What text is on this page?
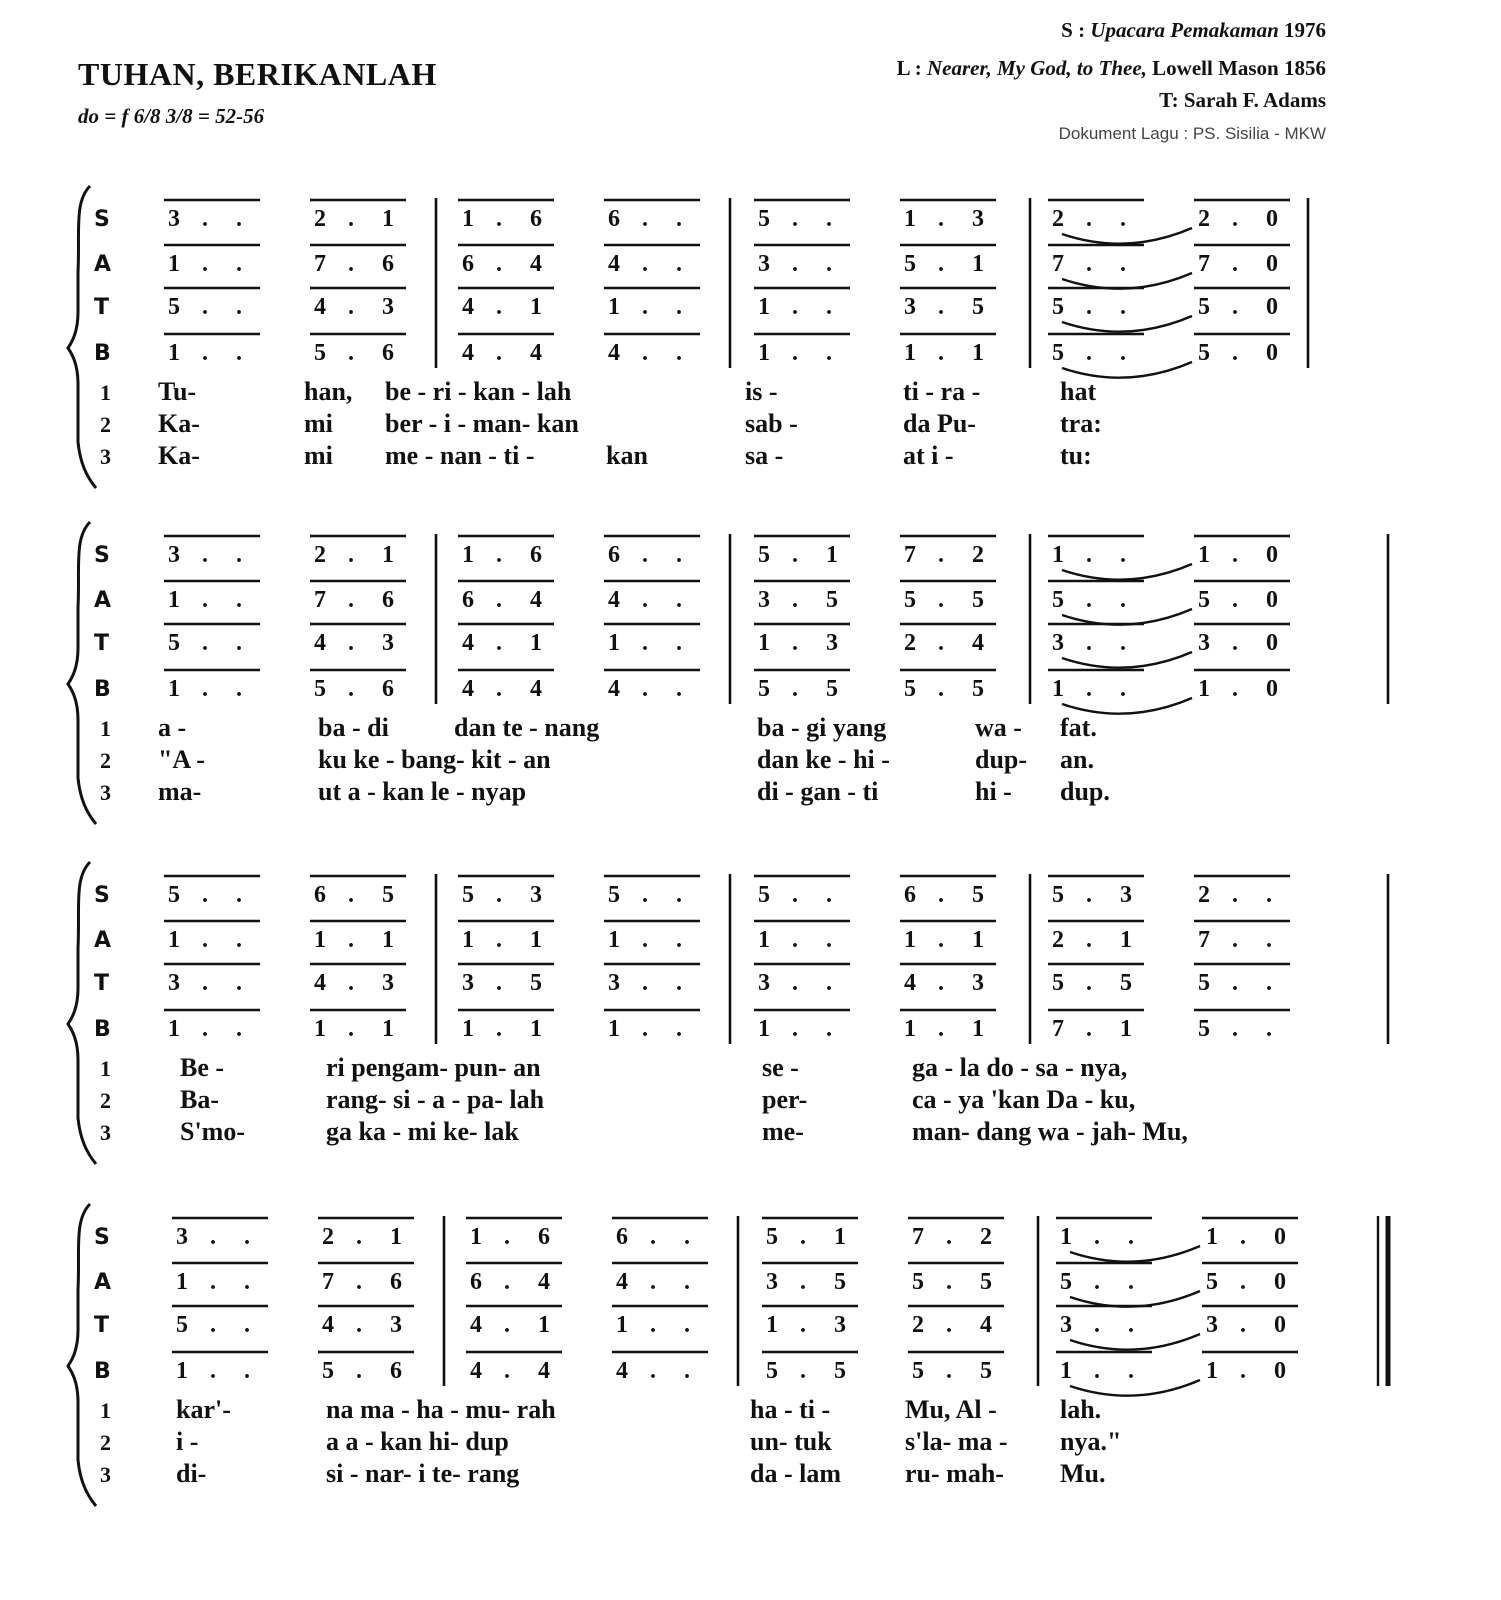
TUHAN, BERIKANLAH
do = f 6/8 3/8 = 52-56
S : Upacara Pemakaman 1976
L : Nearer, My God, to Thee, Lowell Mason 1856
T: Sarah F. Adams
Dokument Lagu : PS. Sisilia - MKW
S 3 . .	2 . 1	1 . 6	6 . .	5 . .	1 . 3	2 . .	2 . 0
A 1 . .	7 . 6	6 . 4	4 . .	3 . .	5 . 1	7 . .	7 . 0
T 5 . .	4 . 3	4 . 1	1 . .	1 . .	3 . 5	5 . .	5 . 0
B 1 . .	5 . 6	4 . 4	4 . .	1 . .	1 . 1	5 . .	5 . 0
1 Tu-	han, be - ri - kan - lah	is -	ti - ra -	hat
2 Ka-	mi ber - i - man- kan	sab -	da Pu-	tra:
3 Ka-	mi me - nan - ti -	kan	sa -	at i -	tu:
S 3 . .	2 . 1	1 . 6	6 . .	5 . 1	7 . 2	1 . .	1 . 0
A 1 . .	7 . 6	6 . 4	4 . .	3 . 5	5 . 5	5 . .	5 . 0
T 5 . .	4 . 3	4 . 1	1 . .	1 . 3	2 . 4	3 . .	3 . 0
B 1 . .	5 . 6	4 . 4	4 . .	5 . 5	5 . 5	1 . .	1 . 0
1 a -	ba - di	dan te - nang	ba - gi yang	wa - fat.
2 "A -	ku ke - bang- kit - an	dan ke - hi -	dup- an.
3 ma-	ut a - kan le - nyap	di - gan - ti	hi - dup.
S 5 . .	6 . 5	5 . 3	5 . .	5 . .	6 . 5	5 . 3	2 . .
A 1 . .	1 . 1	1 . 1	1 . .	1 . .	1 . 1	2 . 1	7 . .
T 3 . .	4 . 3	3 . 5	3 . .	3 . .	4 . 3	5 . 5	5 . .
B 1 . .	1 . 1	1 . 1	1 . .	1 . .	1 . 1	7 . 1	5 . .
1	Be -	ri pengam- pun- an	se -	ga - la do - sa - nya,
2	Ba-	rang- si - a - pa- lah	per-	ca - ya 'kan Da - ku,
3	S'mo-	ga ka - mi ke- lak	me-	man- dang wa - jah- Mu,
S	3 . .	2 . 1	1 . 6	6 . .	5 . 1	7 . 2	1 . .	1 . 0
A	1 . .	7 . 6	6 . 4	4 . .	3 . 5	5 . 5	5 . .	5 . 0
T	5 . .	4 . 3	4 . 1	1 . .	1 . 3	2 . 4	3 . .	3 . 0
B	1 . .	5 . 6	4 . 4	4 . .	5 . 5	5 . 5	1 . .	1 . 0
1	kar'-	na ma - ha - mu- rah	ha - ti -	Mu, Al - lah.
2	i -	a a - kan hi- dup	un- tuk	s'la- ma - nya."
3	di-	si - nar- i te- rang	da - lam ru- mah- Mu.
